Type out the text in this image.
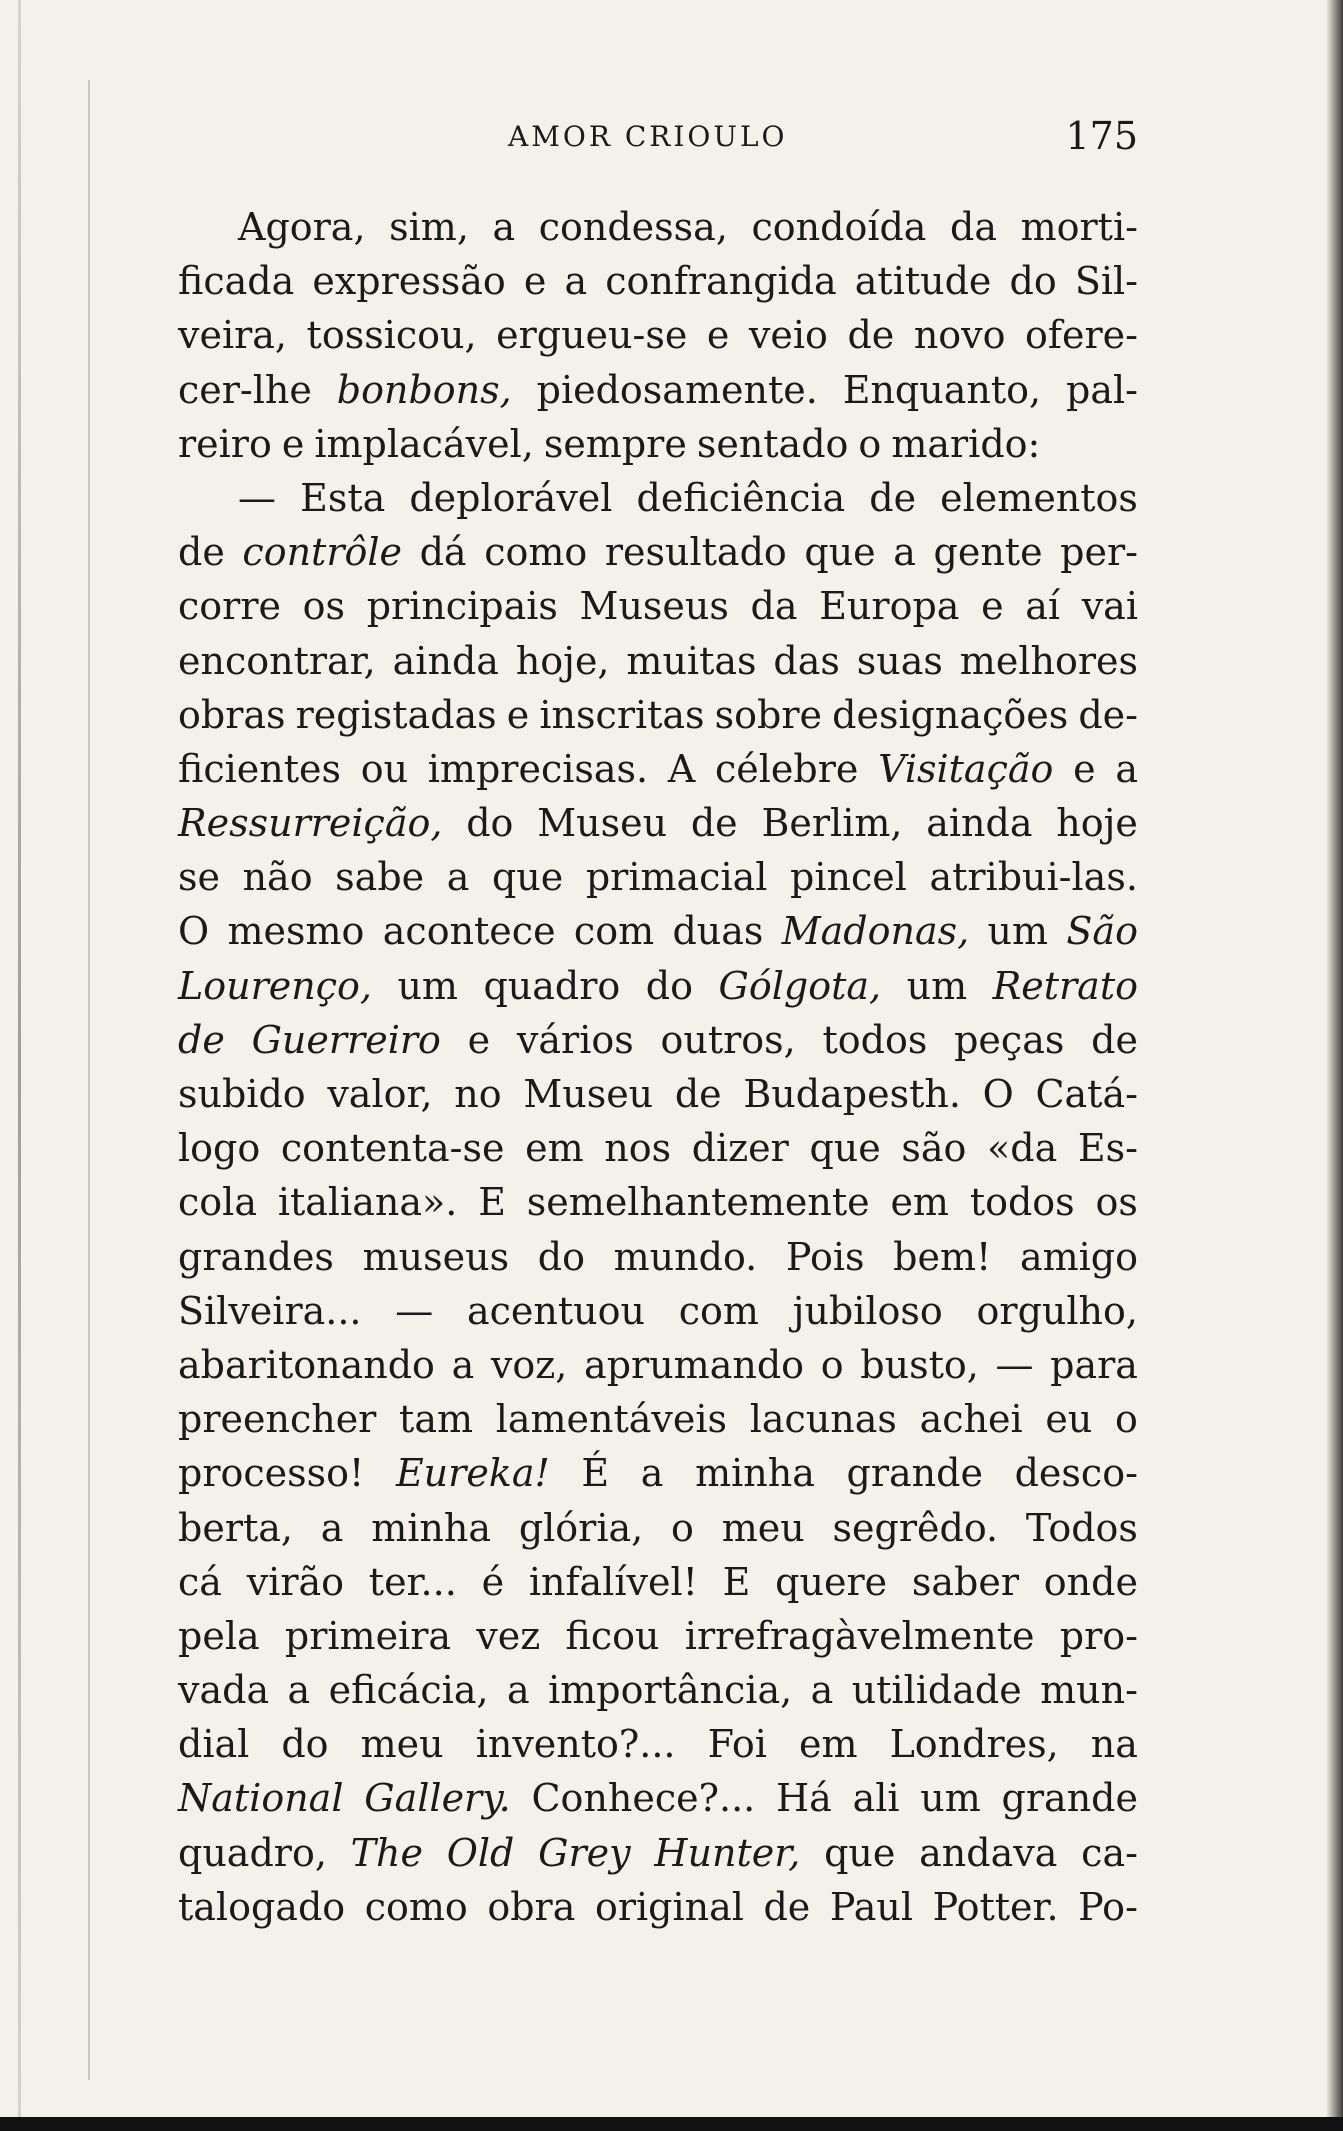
AMOR CRIOULO	175
Agora, sim, a condessa, condoída da morti-
ficada expressão e a confrangida atitude do Sil-
veira, tossicou, ergueu-se e veio de novo ofere-
cer-lhe bonbons, piedosamente. Enquanto, pal-
reiro e implacável, sempre sentado o marido:
— Esta deplorável deficiência de elementos
de contrôle dá como resultado que a gente per-
corre os principais Museus da Europa e aí vai
encontrar, ainda hoje, muitas das suas melhores
obras registadas e inscritas sobre designações de-
ficientes ou imprecisas. A célebre Visitação e a
Ressurreição, do Museu de Berlim, ainda hoje
se não sabe a que primacial pincel atribui-las.
O mesmo acontece com duas Madonas, um São
Lourenço, um quadro do Gólgota, um Retrato
de Guerreiro e vários outros, todos peças de
subido valor, no Museu de Budapesth. O Catá-
logo contenta-se em nos dizer que são «da Es-
cola italiana». E semelhantemente em todos os
grandes museus do mundo. Pois bem! amigo
Silveira... — acentuou com jubiloso orgulho,
abaritonando a voz, aprumando o busto, — para
preencher tam lamentáveis lacunas achei eu o
processo! Eureka! É a minha grande desco-
berta, a minha glória, o meu segrêdo. Todos
cá virão ter... é infalível! E quere saber onde
pela primeira vez ficou irrefragàvelmente pro-
vada a eficácia, a importância, a utilidade mun-
dial do meu invento?... Foi em Londres, na
National Gallery. Conhece?... Há ali um grande
quadro, The Old Grey Hunter, que andava ca-
talogado como obra original de Paul Potter. Po-
